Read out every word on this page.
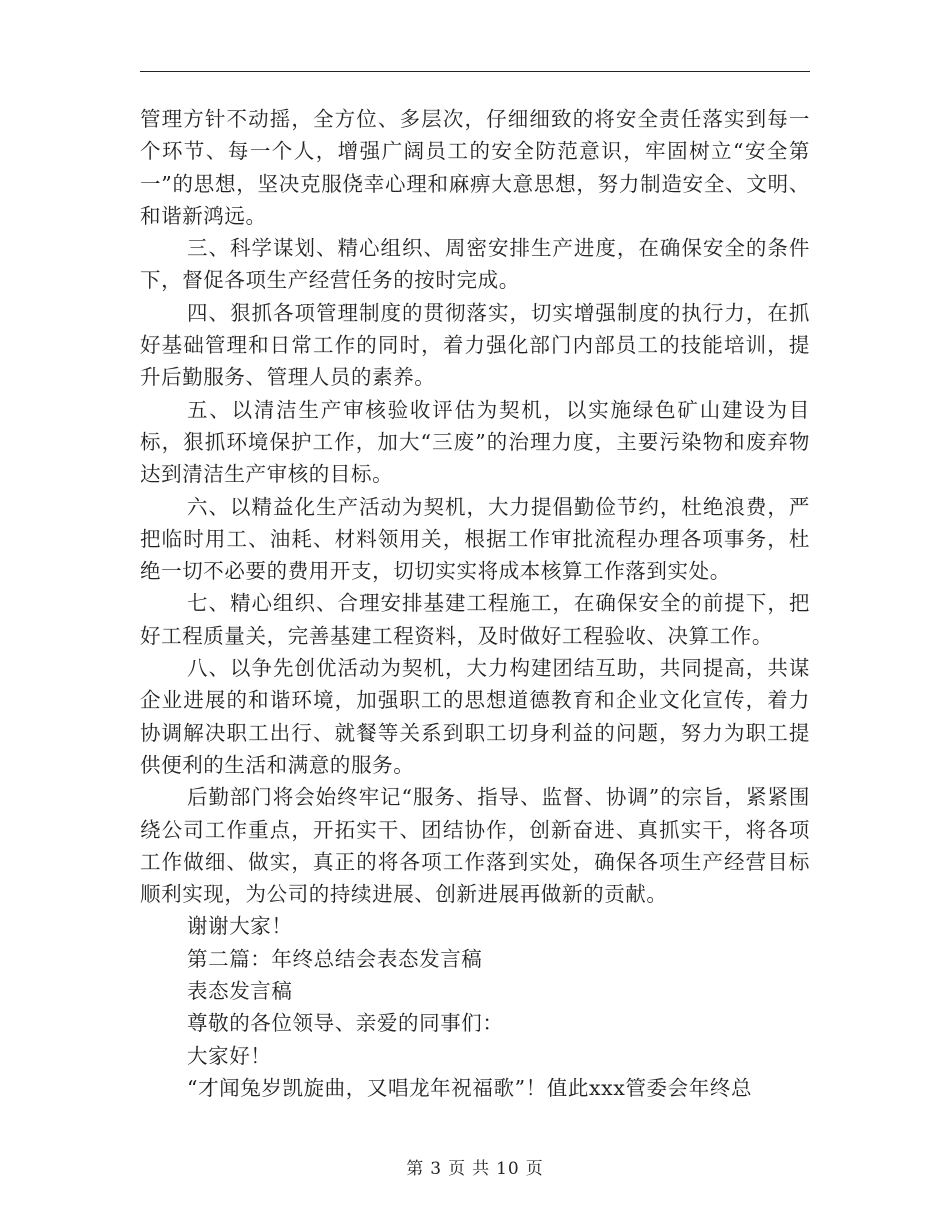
管理方针不动摇，全方位、多层次，仔细细致的将安全责任落实到每一个环节、每一个人，增强广阔员工的安全防范意识，牢固树立“安全第一”的思想，坚决克服侥幸心理和麻痹大意思想，努力制造安全、文明、和谐新鸿远。

三、科学谋划、精心组织、周密安排生产进度，在确保安全的条件下，督促各项生产经营任务的按时完成。

四、狠抓各项管理制度的贯彻落实，切实增强制度的执行力，在抓好基础管理和日常工作的同时，着力强化部门内部员工的技能培训，提升后勤服务、管理人员的素养。

五、以清洁生产审核验收评估为契机，以实施绿色矿山建设为目标，狠抓环境保护工作，加大“三废”的治理力度，主要污染物和废弃物达到清洁生产审核的目标。

六、以精益化生产活动为契机，大力提倡勤俭节约，杜绝浪费，严把临时用工、油耗、材料领用关，根据工作审批流程办理各项事务，杜绝一切不必要的费用开支，切切实实将成本核算工作落到实处。

七、精心组织、合理安排基建工程施工，在确保安全的前提下，把好工程质量关，完善基建工程资料，及时做好工程验收、决算工作。

八、以争先创优活动为契机，大力构建团结互助，共同提高，共谋企业进展的和谐环境，加强职工的思想道德教育和企业文化宣传，着力协调解决职工出行、就餐等关系到职工切身利益的问题，努力为职工提供便利的生活和满意的服务。

后勤部门将会始终牢记“服务、指导、监督、协调”的宗旨，紧紧围绕公司工作重点，开拓实干、团结协作，创新奋进、真抓实干，将各项工作做细、做实，真正的将各项工作落到实处，确保各项生产经营目标顺利实现，为公司的持续进展、创新进展再做新的贡献。

谢谢大家！

第二篇：年终总结会表态发言稿

表态发言稿

尊敬的各位领导、亲爱的同事们：

大家好！

“才闻兔岁凯旋曲，又唱龙年祝福歌”！值此xxx管委会年终总

第 3 页 共 10 页
